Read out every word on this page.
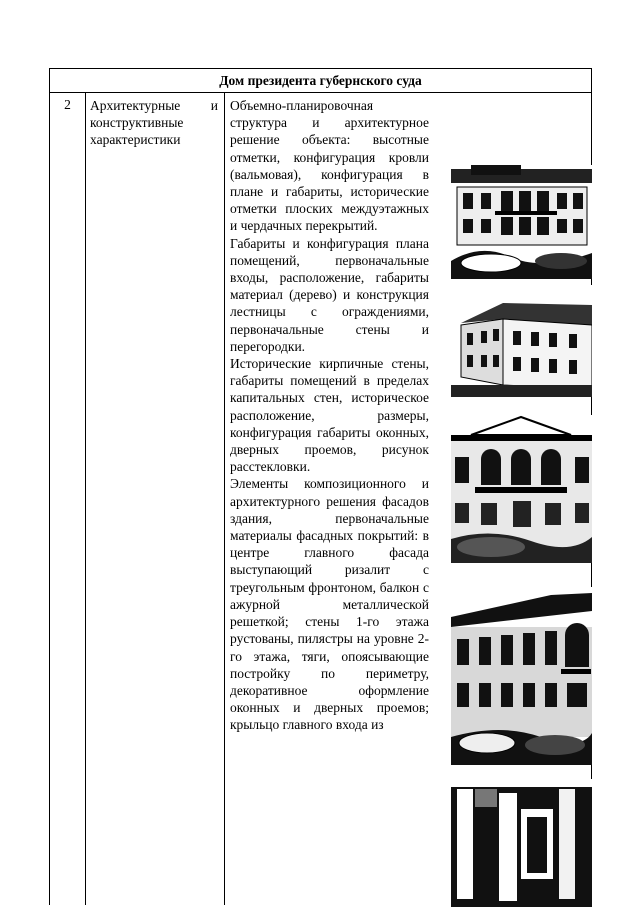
Дом президента губернского суда
2	Архитектурные и
конструктивные
характеристики

Объемно-планировочная структура и архитектурное решение объекта: высотные отметки, конфигурация кровли (вальмовая), конфигурация в плане и габариты, исторические отметки плоских междуэтажных и чердачных перекрытий.

Габариты и конфигурация плана помещений, первоначальные входы, расположение, габариты материал (дерево) и конструкция лестницы с ограждениями, первоначальные стены и перегородки.

Исторические кирпичные стены, габариты помещений в пределах капитальных стен, историческое расположение, размеры, конфигурация габариты оконных, дверных проемов, рисунок расстекловки.

Элементы композиционного и архитектурного решения фасадов здания, первоначальные материалы фасадных покрытий: в центре главного фасада выступающий ризалит с треугольным фронтоном, балкон с ажурной металлической решеткой; стены 1-го этажа рустованы, пилястры на уровне 2-го этажа, тяги, опоясывающие постройку по периметру, декоративное оформление оконных и дверных проемов; крыльцо главного входа из
